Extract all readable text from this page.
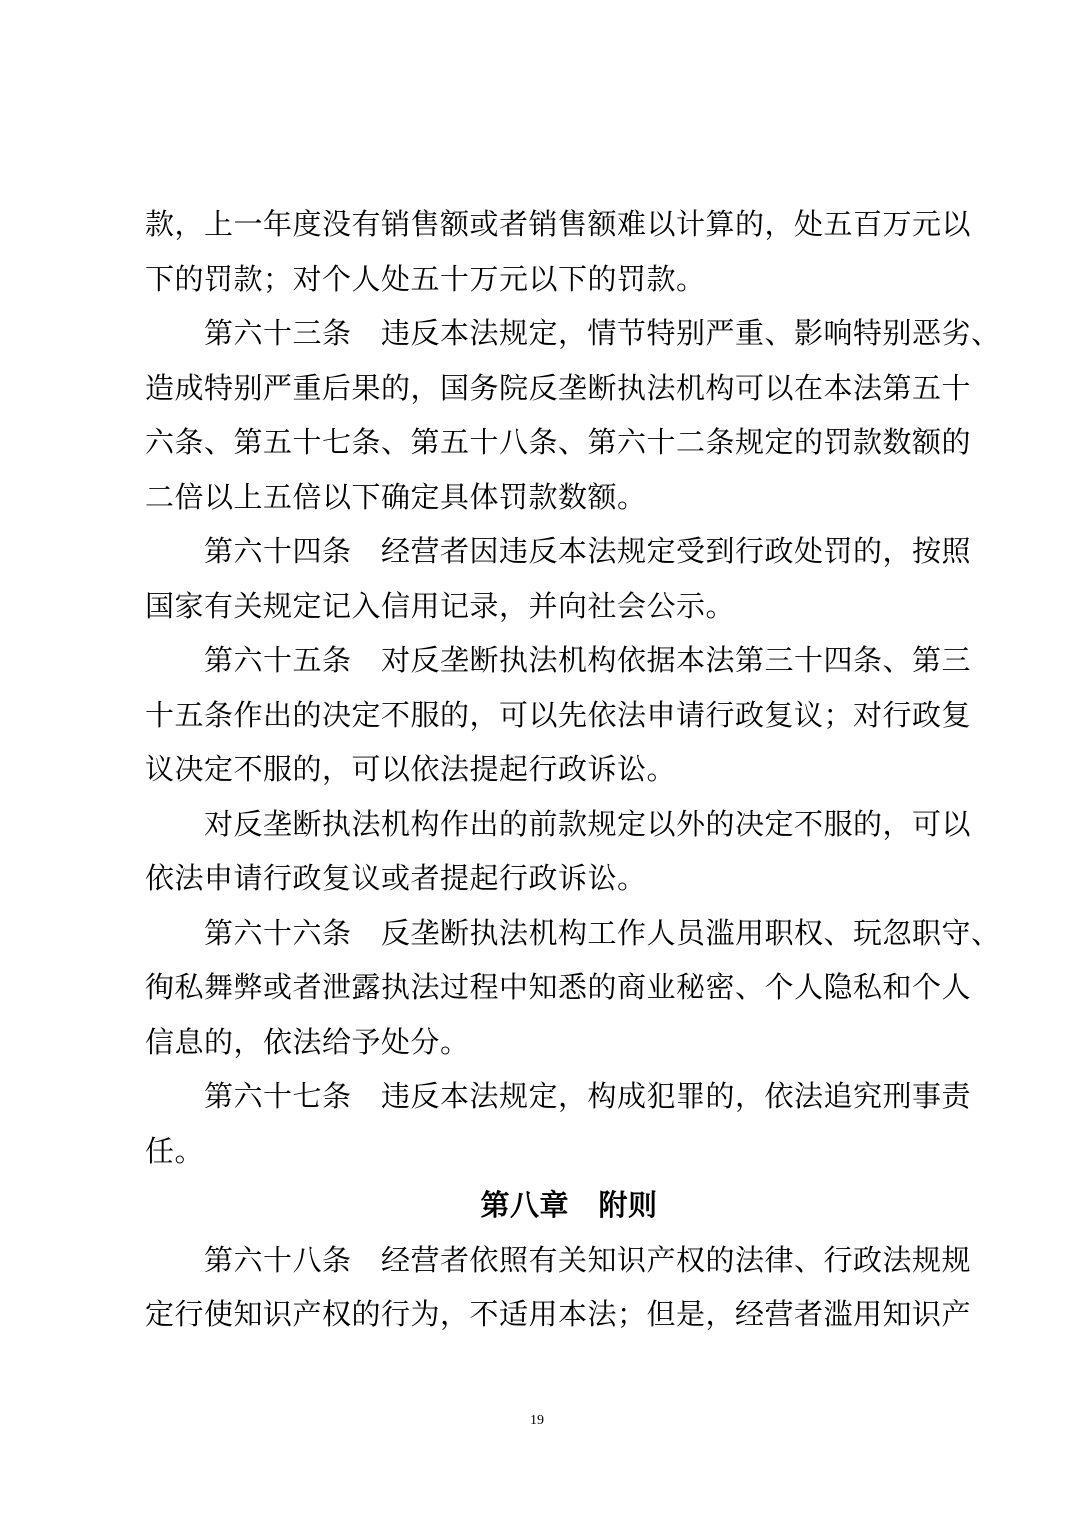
款，上一年度没有销售额或者销售额难以计算的，处五百万元以
下的罚款；对个人处五十万元以下的罚款。
　　第六十三条　违反本法规定，情节特别严重、影响特别恶劣、
造成特别严重后果的，国务院反垄断执法机构可以在本法第五十
六条、第五十七条、第五十八条、第六十二条规定的罚款数额的
二倍以上五倍以下确定具体罚款数额。
　　第六十四条　经营者因违反本法规定受到行政处罚的，按照
国家有关规定记入信用记录，并向社会公示。
　　第六十五条　对反垄断执法机构依据本法第三十四条、第三
十五条作出的决定不服的，可以先依法申请行政复议；对行政复
议决定不服的，可以依法提起行政诉讼。
　　对反垄断执法机构作出的前款规定以外的决定不服的，可以
依法申请行政复议或者提起行政诉讼。
　　第六十六条　反垄断执法机构工作人员滥用职权、玩忽职守、
徇私舞弊或者泄露执法过程中知悉的商业秘密、个人隐私和个人
信息的，依法给予处分。
　　第六十七条　违反本法规定，构成犯罪的，依法追究刑事责
任。
第八章　附则
　　第六十八条　经营者依照有关知识产权的法律、行政法规规
定行使知识产权的行为，不适用本法；但是，经营者滥用知识产
19
